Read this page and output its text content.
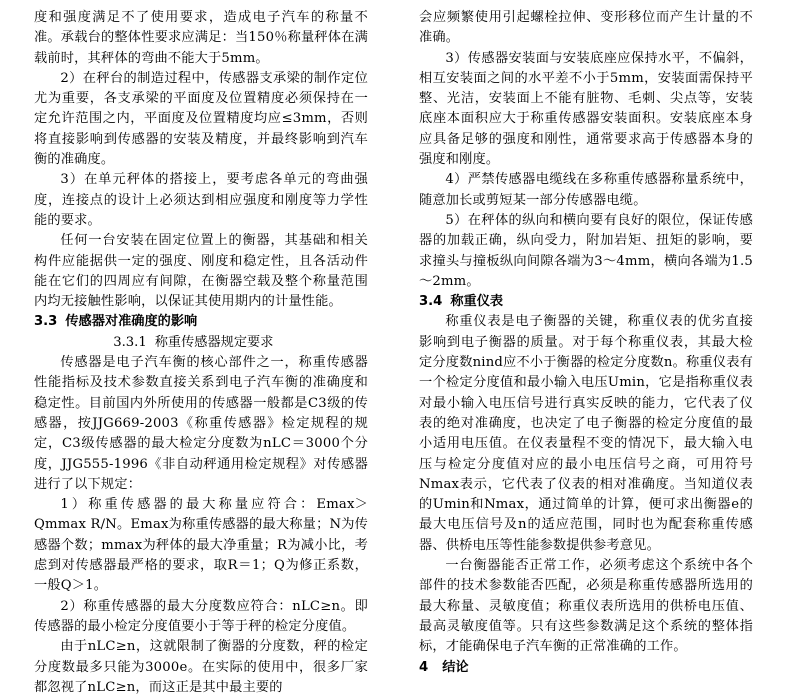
度和强度满足不了使用要求，造成电子汽车的称量不准。承载台的整体性要求应满足：当150％称量秤体在满载前时，其秤体的弯曲不能大于5mm。

2）在秤台的制造过程中，传感器支承梁的制作定位尤为重要，各支承梁的平面度及位置精度必须保持在一定允许范围之内，平面度及位置精度均应≤3mm，否则将直接影响到传感器的安装及精度，并最终影响到汽车衡的准确度。

3）在单元秤体的搭接上，要考虑各单元的弯曲强度，连接点的设计上必须达到相应强度和刚度等力学性能的要求。

任何一台安装在固定位置上的衡器，其基础和相关构件应能据供一定的强度、刚度和稳定性，且各活动件能在它们的四周应有间隙，在衡器空载及整个称量范围内均无接触性影响，以保证其使用期内的计量性能。

3.3 传感器对准确度的影响
3.3.1 称重传感器规定要求

传感器是电子汽车衡的核心部件之一，称重传感器性能指标及技术参数直接关系到电子汽车衡的准确度和稳定性。目前国内外所使用的传感器一般都是C3级的传感器，按JJG669-2003《称重传感器》检定规程的规定，C3级传感器的最大检定分度数为nLC＝3000个分度，JJG555-1996《非自动秤通用检定规程》对传感器进行了以下规定：

1）称重传感器的最大称量应符合：Emax＞Qmmax R/N。Emax为称重传感器的最大称量；N为传感器个数；mmax为秤体的最大净重量；R为减小比，考虑到对传感器最严格的要求，取R＝1；Q为修正系数，一般Q＞1。

2）称重传感器的最大分度数应符合：nLC≥n。即传感器的最小检定分度值要小于等于秤的检定分度值。

由于nLC≥n，这就限制了衡器的分度数，秤的检定分度数最多只能为3000e。在实际的使用中，很多厂家都忽视了nLC≥n，而这正是其中最主要的

会应频繁使用引起螺栓拉伸、变形移位而产生计量的不准确。

3）传感器安装面与安装底座应保持水平，不偏斜，相互安装面之间的水平差不小于5mm，安装面需保持平整、光洁，安装面上不能有脏物、毛刺、尖点等，安装底座本面积应大于称重传感器安装面积。安装底座本身应具备足够的强度和刚性，通常要求高于传感器本身的强度和刚度。

4）严禁传感器电缆线在多称重传感器称量系统中，随意加长或剪短某一部分传感器电缆。

5）在秤体的纵向和横向要有良好的限位，保证传感器的加载正确，纵向受力，附加岩矩、扭矩的影响，要求撞头与撞板纵向间隙各端为3～4mm，横向各端为1.5～2mm。

3.4 称重仪表

称重仪表是电子衡器的关键，称重仪表的优劣直接影响到电子衡器的质量。对于每个称重仪表，其最大检定分度数nind应不小于衡器的检定分度数n。称重仪表有一个检定分度值和最小输入电压Umin，它是指称重仪表对最小输入电压信号进行真实反映的能力，它代表了仪表的绝对准确度，也决定了电子衡器的检定分度值的最小适用电压值。在仪表量程不变的情况下，最大输入电压与检定分度值对应的最小电压信号之商，可用符号Nmax表示，它代表了仪表的相对准确度。当知道仪表的Umin和Nmax，通过简单的计算，便可求出衡器e的最大电压信号及n的适应范围，同时也为配套称重传感器、供桥电压等性能参数提供参考意见。

一台衡器能否正常工作，必须考虑这个系统中各个部件的技术参数能否匹配，必须是称重传感器所选用的最大称量、灵敏度值；称重仪表所选用的供桥电压值、最高灵敏度值等。只有这些参数满足这个系统的整体指标，才能确保电子汽车衡的正常准确的工作。

4 结论
